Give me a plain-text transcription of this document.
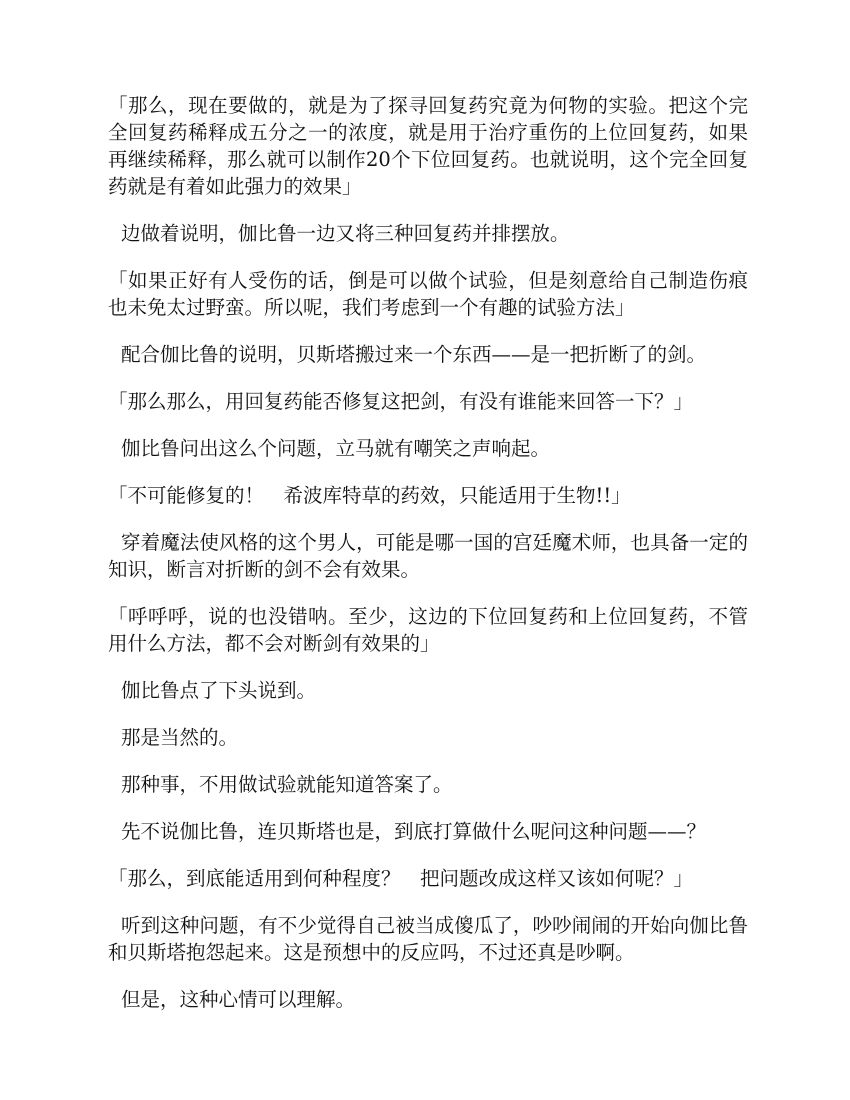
「那么，现在要做的，就是为了探寻回复药究竟为何物的实验。把这个完全回复药稀释成五分之一的浓度，就是用于治疗重伤的上位回复药，如果再继续稀释，那么就可以制作20个下位回复药。也就说明，这个完全回复药就是有着如此强力的效果」

边做着说明，伽比鲁一边又将三种回复药并排摆放。

「如果正好有人受伤的话，倒是可以做个试验，但是刻意给自己制造伤痕也未免太过野蛮。所以呢，我们考虑到一个有趣的试验方法」

配合伽比鲁的说明，贝斯塔搬过来一个东西——是一把折断了的剑。

「那么那么，用回复药能否修复这把剑，有没有谁能来回答一下？」

伽比鲁问出这么个问题，立马就有嘲笑之声响起。

「不可能修复的！　希波库特草的药效，只能适用于生物!!」

穿着魔法使风格的这个男人，可能是哪一国的宫廷魔术师，也具备一定的知识，断言对折断的剑不会有效果。

「呼呼呼，说的也没错呐。至少，这边的下位回复药和上位回复药，不管用什么方法，都不会对断剑有效果的」

伽比鲁点了下头说到。

那是当然的。

那种事，不用做试验就能知道答案了。

先不说伽比鲁，连贝斯塔也是，到底打算做什么呢问这种问题——？

「那么，到底能适用到何种程度？　把问题改成这样又该如何呢？」

听到这种问题，有不少觉得自己被当成傻瓜了，吵吵闹闹的开始向伽比鲁和贝斯塔抱怨起来。这是预想中的反应吗，不过还真是吵啊。

但是，这种心情可以理解。
